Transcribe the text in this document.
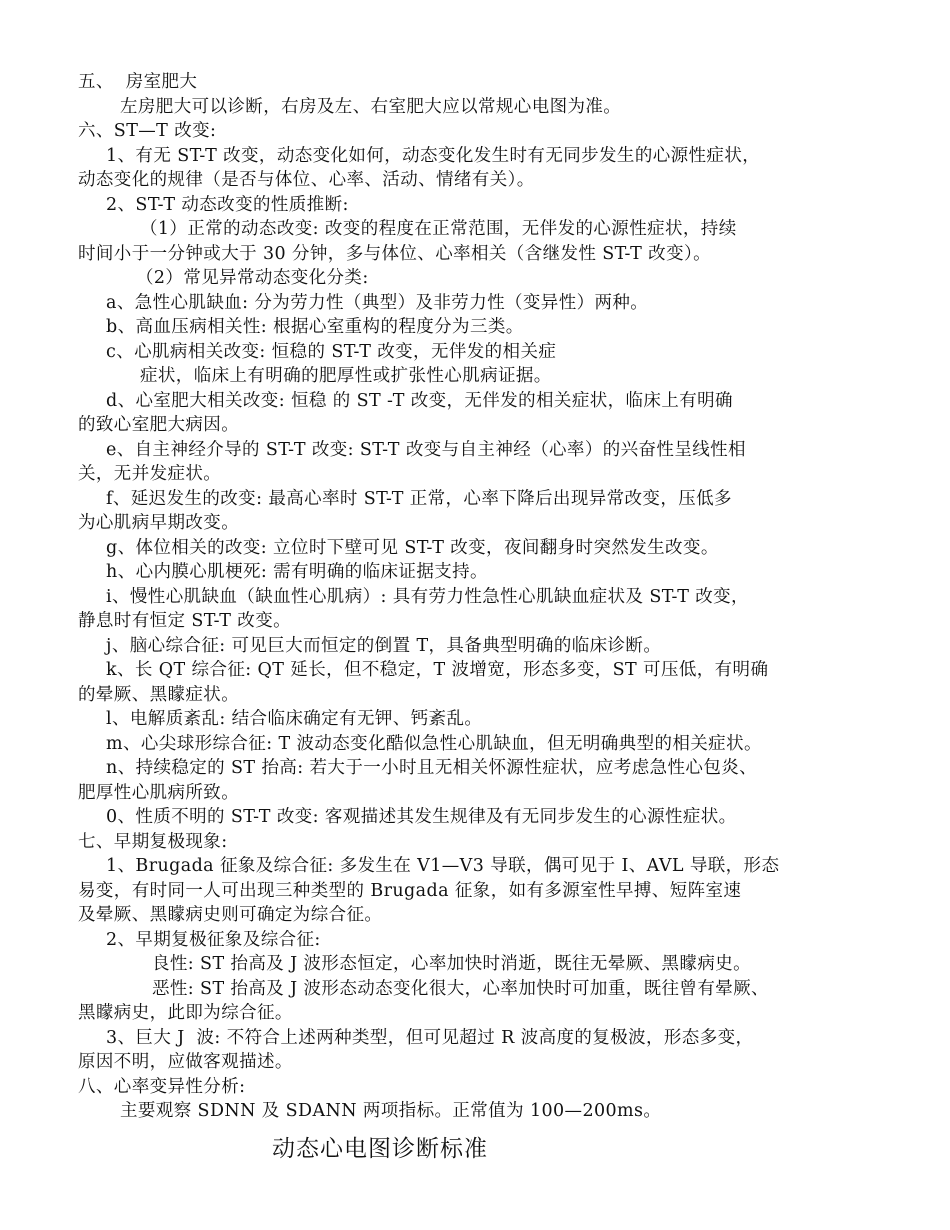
五、  房室肥大
左房肥大可以诊断，右房及左、右室肥大应以常规心电图为准。
六、ST—T 改变:
1、有无 ST-T 改变，动态变化如何，动态变化发生时有无同步发生的心源性症状，
动态变化的规律（是否与体位、心率、活动、情绪有关）。
2、ST-T 动态改变的性质推断:
（1）正常的动态改变: 改变的程度在正常范围，无伴发的心源性症状，持续
时间小于一分钟或大于 30 分钟，多与体位、心率相关（含继发性 ST-T 改变）。
（2）常见异常动态变化分类:
a、急性心肌缺血: 分为劳力性（典型）及非劳力性（变异性）两种。
b、高血压病相关性: 根据心室重构的程度分为三类。
c、心肌病相关改变: 恒稳的 ST-T 改变，无伴发的相关症
症状，临床上有明确的肥厚性或扩张性心肌病证据。
d、心室肥大相关改变: 恒稳 的 ST -T 改变，无伴发的相关症状，临床上有明确
的致心室肥大病因。
e、自主神经介导的 ST-T 改变: ST-T 改变与自主神经（心率）的兴奋性呈线性相
关，无并发症状。
f、延迟发生的改变: 最高心率时 ST-T 正常，心率下降后出现异常改变，压低多
为心肌病早期改变。
g、体位相关的改变: 立位时下壁可见 ST-T 改变，夜间翻身时突然发生改变。
h、心内膜心肌梗死: 需有明确的临床证据支持。
i、慢性心肌缺血（缺血性心肌病）: 具有劳力性急性心肌缺血症状及 ST-T 改变，
静息时有恒定 ST-T 改变。
j、脑心综合征: 可见巨大而恒定的倒置 T，具备典型明确的临床诊断。
k、长 QT 综合征: QT 延长，但不稳定，T 波增宽，形态多变，ST 可压低，有明确
的晕厥、黑矇症状。
l、电解质紊乱: 结合临床确定有无钾、钙紊乱。
m、心尖球形综合征: T 波动态变化酷似急性心肌缺血，但无明确典型的相关症状。
n、持续稳定的 ST 抬高: 若大于一小时且无相关怀源性症状，应考虑急性心包炎、
肥厚性心肌病所致。
0、性质不明的 ST-T 改变: 客观描述其发生规律及有无同步发生的心源性症状。
七、早期复极现象:
1、Brugada 征象及综合征: 多发生在 V1—V3 导联，偶可见于 I、AVL 导联，形态
易变，有时同一人可出现三种类型的 Brugada 征象，如有多源室性早搏、短阵室速
及晕厥、黑矇病史则可确定为综合征。
2、早期复极征象及综合征:
良性: ST 抬高及 J 波形态恒定，心率加快时消逝，既往无晕厥、黑矇病史。
恶性: ST 抬高及 J 波形态动态变化很大，心率加快时可加重，既往曾有晕厥、
黑矇病史，此即为综合征。
3、巨大 J  波: 不符合上述两种类型，但可见超过 R 波高度的复极波，形态多变，
原因不明，应做客观描述。
八、心率变异性分析:
主要观察 SDNN 及 SDANN 两项指标。正常值为 100—200ms。
动态心电图诊断标准
